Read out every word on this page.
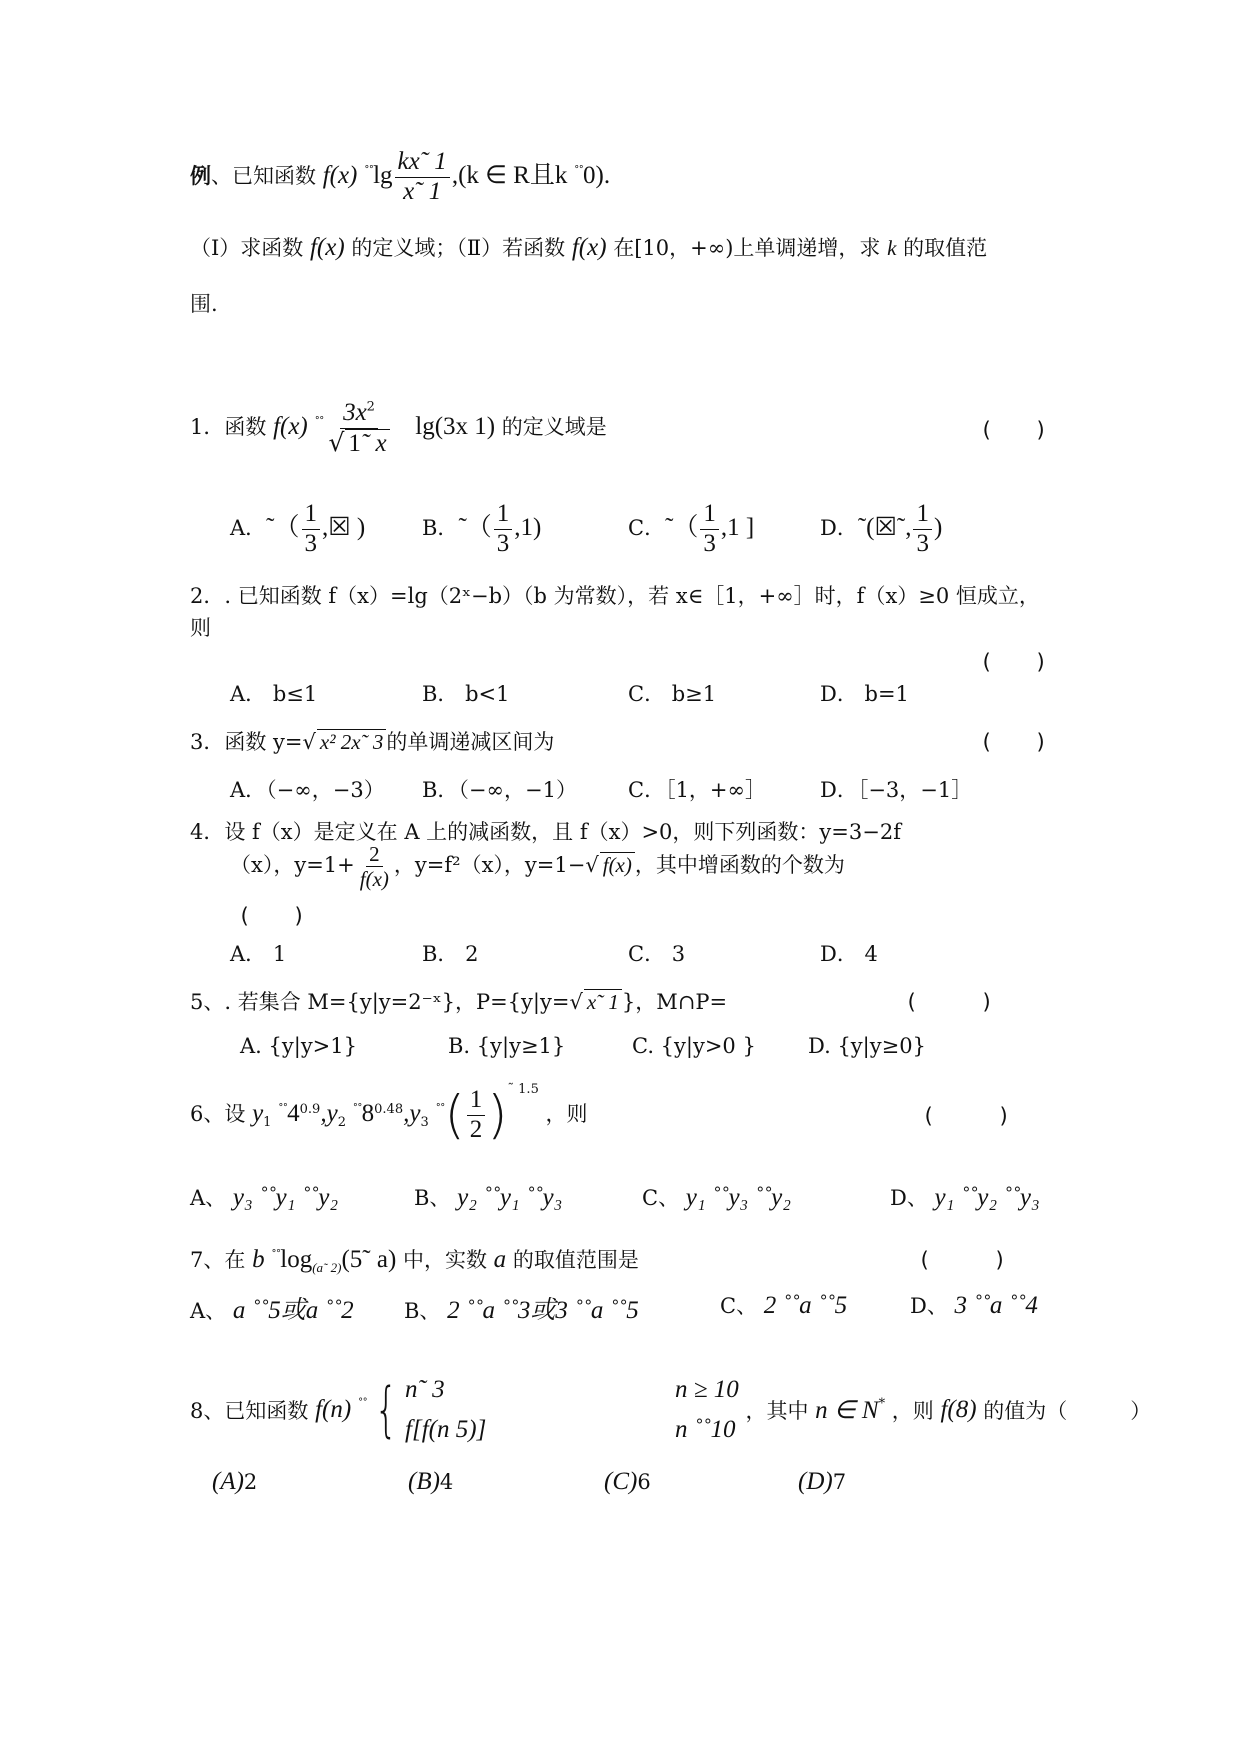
例、已知函数 f(x) $^{˚˚}\lg \frac{kx˜ 1}{x˜ 1} ,(k$ ∈ R且k ˚˚0).
（Ⅰ）求函数 f(x) 的定义域；（Ⅱ）若函数 f(x) 在[10，+∞)上单调递增，求 k 的取值范
围.
1．函数 f(x) $^{˚˚} \frac{3x^2}{√ 1˜ x} \lg(3x$ 1) 的定义域是	(　　)
A．˜（ $\frac{1}{3}$ ,☒ )	B．˜（ $\frac{1}{3} ,1$)	C．˜（ $\frac{1}{3} ,1$ ]	D．˜(☒˜, $\frac{1}{3}$ )
2．. 已知函数 f（x）=lg（2ˣ−b）（b 为常数），若 x∈［1，+∞］时，f（x）≥0 恒成立，
则
(　　)
A． b≤1	B． b<1	C． b≥1	D． b=1
3．函数 y=√ x² 2x˜ 3 的单调递减区间为	(　　)
A．（−∞，−3） B．（−∞，−1） C．［1，+∞］	D．［−3，−1］
4．设 f（x）是定义在 A 上的减函数，且 f（x）>0，则下列函数：y=3−2f
（x），$y=1+ \frac{2}{f(x)}$ ，y=f²（x），y=1−√ f(x) ，其中增函数的个数为
(　　)
A． 1	B． 2	C． 3	D． 4
5、. 若集合 M={y|y=2⁻ˣ}，P={y|y=√ x˜ 1 }，M∩P=	(　　　)
A. {y|y>1}	B. {y|y≥1}	C. {y|y>0 } D. {y|y≥0}
6、设 $y_1$ $^{˚˚}4^{0.9},y_2$ $^{˚˚}8^{0.48},y_3$ $^{˚˚}( \frac{1}{2} )^{˜ 1.5}$ ，则	(　　　)
A、 y₃ ˚˚y₁ ˚˚y₂	B、 y₂ ˚˚y₁ ˚˚y₃	C、 y₁ ˚˚y₃ ˚˚y₂	D、 y₁ ˚˚y₂ ˚˚y₃
7、在 b $^{˚˚}\log_{(a˜ 2)}(5˜$ a) 中，实数 a 的取值范围是	(　　　)
A、 a ˚˚5或a ˚˚2 B、 2 ˚˚a ˚˚3或3 ˚˚a ˚˚5	C、 2 ˚˚a ˚˚5	D、 3 ˚˚a ˚˚4
8、已知函数 f(n) ˚˚ { n˜ 3	n ≥ 10
f[f(n 5)]	n ˚˚10
，其中 n ∈ N* ，则 f(8) 的值为（　　　）
(A)2	(B)4	(C)6	(D)7
